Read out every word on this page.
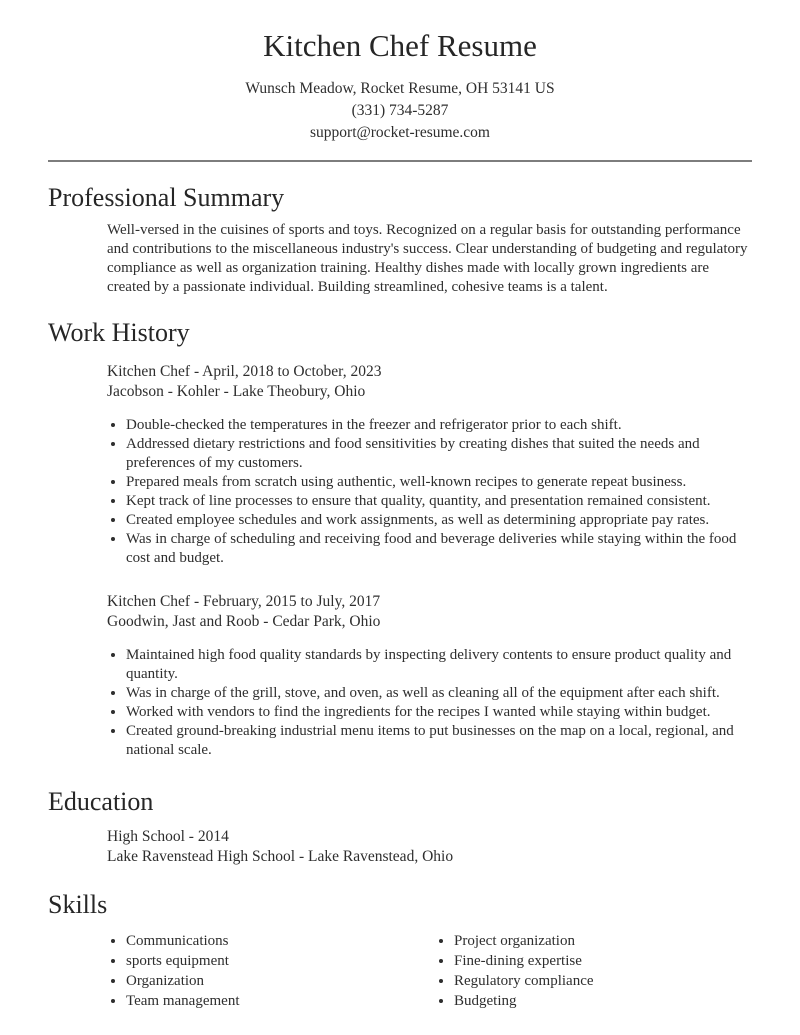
Kitchen Chef Resume

Wunsch Meadow, Rocket Resume, OH 53141 US

(331) 734-5287

support@rocket-resume.com

Professional Summary

Well-versed in the cuisines of sports and toys. Recognized on a regular basis for outstanding performance and contributions to the miscellaneous industry's success. Clear understanding of budgeting and regulatory compliance as well as organization training. Healthy dishes made with locally grown ingredients are created by a passionate individual. Building streamlined, cohesive teams is a talent.

Work History

Kitchen Chef - April, 2018 to October, 2023

Jacobson - Kohler - Lake Theobury, Ohio

• Double-checked the temperatures in the freezer and refrigerator prior to each shift.
• Addressed dietary restrictions and food sensitivities by creating dishes that suited the needs and preferences of my customers.
• Prepared meals from scratch using authentic, well-known recipes to generate repeat business.
• Kept track of line processes to ensure that quality, quantity, and presentation remained consistent.
• Created employee schedules and work assignments, as well as determining appropriate pay rates.
• Was in charge of scheduling and receiving food and beverage deliveries while staying within the food cost and budget.

Kitchen Chef - February, 2015 to July, 2017

Goodwin, Jast and Roob - Cedar Park, Ohio

• Maintained high food quality standards by inspecting delivery contents to ensure product quality and quantity.
• Was in charge of the grill, stove, and oven, as well as cleaning all of the equipment after each shift.
• Worked with vendors to find the ingredients for the recipes I wanted while staying within budget.
• Created ground-breaking industrial menu items to put businesses on the map on a local, regional, and national scale.
Education

High School - 2014

Lake Ravenstead High School - Lake Ravenstead, Ohio

Skills
• Communications
• sports equipment
• Organization
• Team management
• Project organization
• Fine-dining expertise
• Regulatory compliance
• Budgeting
